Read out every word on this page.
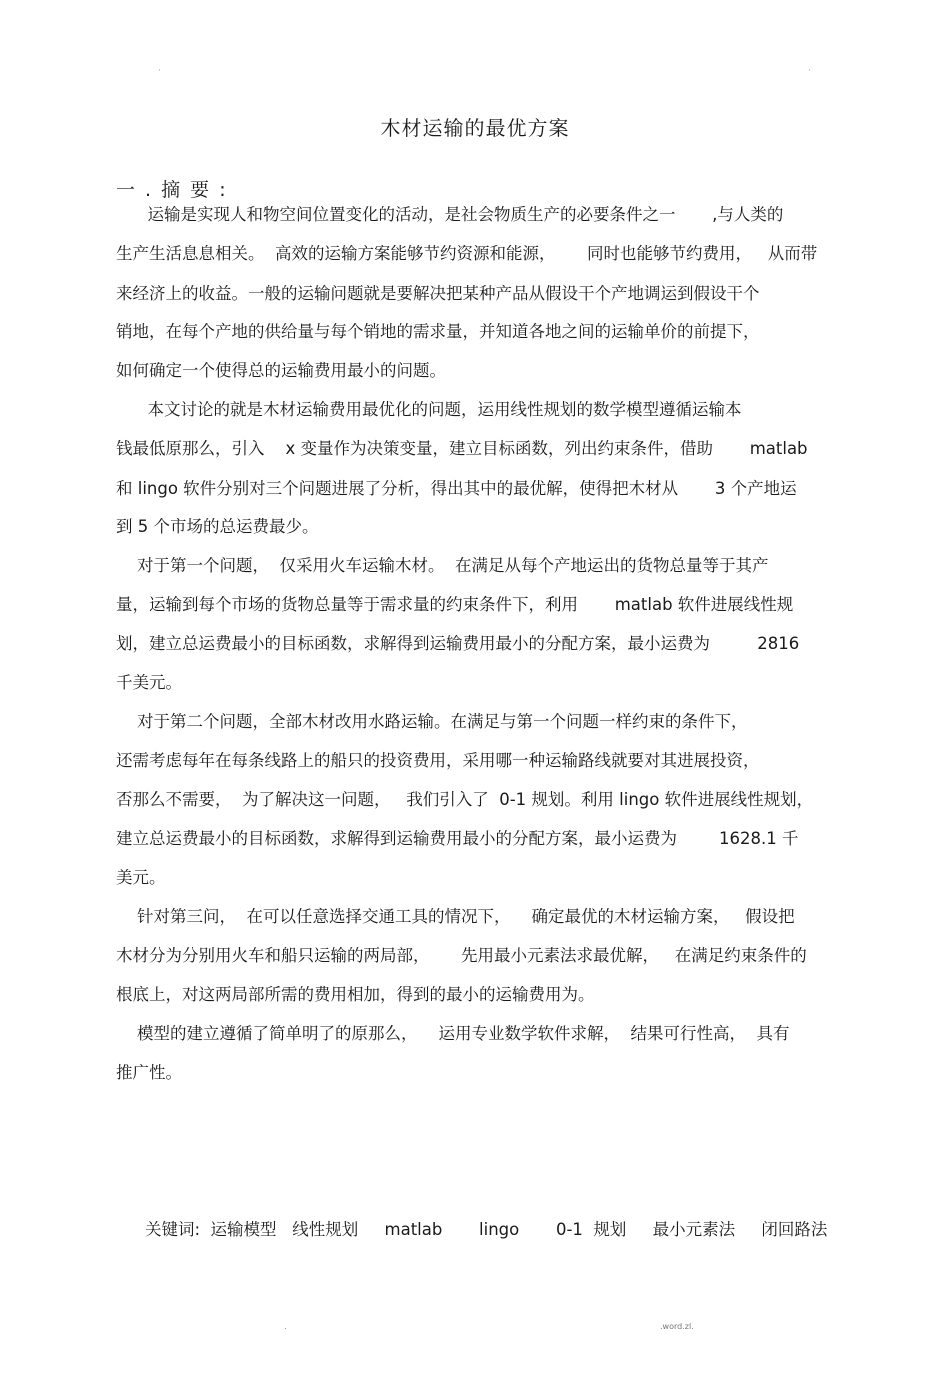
·	·
木材运输的最优方案
一 . 摘 要 :
运输是实现人和物空间位置变化的活动，是社会物质生产的必要条件之一       ,与人类的
生产生活息息相关。  高效的运输方案能够节约资源和能源，      同时也能够节约费用，   从而带
来经济上的收益。一般的运输问题就是要解决把某种产品从假设干个产地调运到假设干个
销地，在每个产地的供给量与每个销地的需求量，并知道各地之间的运输单价的前提下，
如何确定一个使得总的运输费用最小的问题。
本文讨论的就是木材运输费用最优化的问题，运用线性规划的数学模型遵循运输本
钱最低原那么，引入    x 变量作为决策变量，建立目标函数，列出约束条件，借助       matlab
和 lingo 软件分别对三个问题进展了分析，得出其中的最优解，使得把木材从       3 个产地运
到 5 个市场的总运费最少。
对于第一个问题，  仅采用火车运输木材。  在满足从每个产地运出的货物总量等于其产
量，运输到每个市场的货物总量等于需求量的约束条件下，利用       matlab 软件进展线性规
划，建立总运费最小的目标函数，求解得到运输费用最小的分配方案，最小运费为         2816
千美元。
对于第二个问题，全部木材改用水路运输。在满足与第一个问题一样约束的条件下，
还需考虑每年在每条线路上的船只的投资费用，采用哪一种运输路线就要对其进展投资，
否那么不需要，  为了解决这一问题，   我们引入了  0-1 规划。利用 lingo 软件进展线性规划，
建立总运费最小的目标函数，求解得到运输费用最小的分配方案，最小运费为        1628.1 千
美元。
针对第三问，  在可以任意选择交通工具的情况下，    确定最优的木材运输方案，   假设把
木材分为分别用火车和船只运输的两局部，      先用最小元素法求最优解，   在满足约束条件的
根底上，对这两局部所需的费用相加，得到的最小的运输费用为。
模型的建立遵循了简单明了的原那么，    运用专业数学软件求解，  结果可行性高，  具有
推广性。
关键词:  运输模型   线性规划     matlab       lingo       0-1  规划     最小元素法     闭回路法
.	.word.zl.
